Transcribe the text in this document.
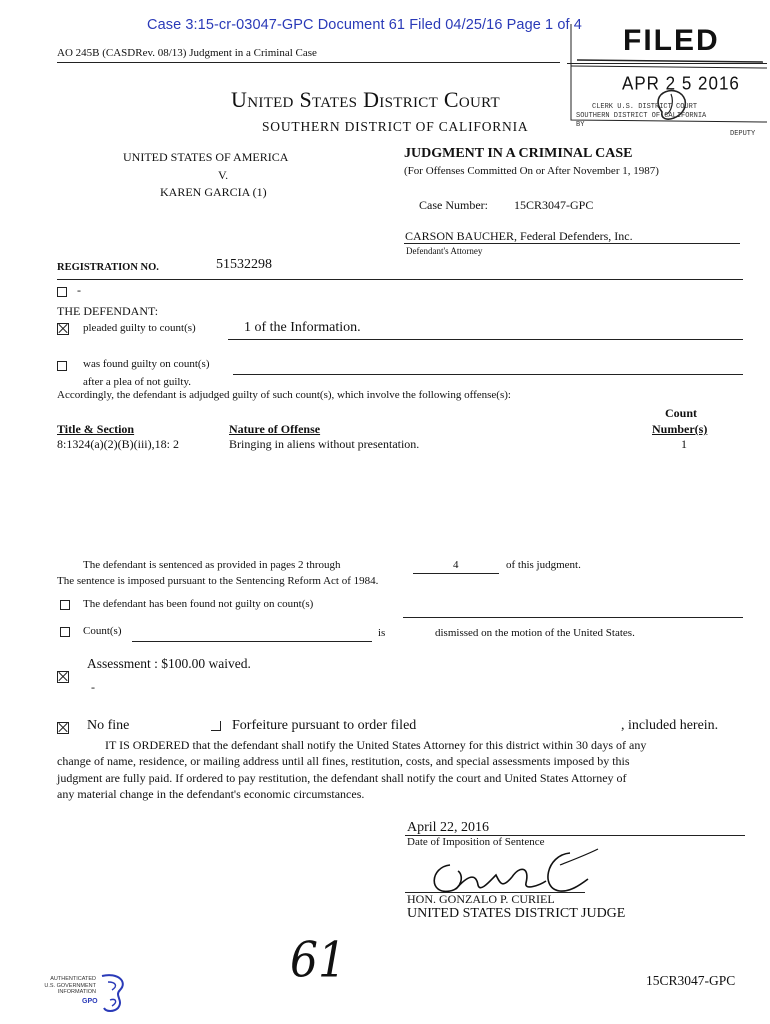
Case 3:15-cr-03047-GPC Document 61 Filed 04/25/16 Page 1 of 4 FILED
APR 2 5 2016
CLERK U.S. DISTRICT COURT
SOUTHERN DISTRICT OF CALIFORNIA
BY
DEPUTY
AO 245B (CASDRev. 08/13) Judgment in a Criminal Case
United States District Court
SOUTHERN DISTRICT OF CALIFORNIA
UNITED STATES OF AMERICA
V.
KAREN GARCIA (1)
JUDGMENT IN A CRIMINAL CASE
(For Offenses Committed On or After November 1, 1987)
Case Number: 15CR3047-GPC
CARSON BAUCHER, Federal Defenders, Inc.
Defendant's Attorney
REGISTRATION NO.	51532298
-
THE DEFENDANT:
pleaded guilty to count(s)	1 of the Information.
was found guilty on count(s)
after a plea of not guilty.
Accordingly, the defendant is adjudged guilty of such count(s), which involve the following offense(s):
Title & Section	Nature of Offense
Count
Number(s)
8:1324(a)(2)(B)(iii),18: 2	Bringing in aliens without presentation.	1
The defendant is sentenced as provided in pages 2 through	4	of this judgment.
The sentence is imposed pursuant to the Sentencing Reform Act of 1984.
The defendant has been found not guilty on count(s)
Count(s)	is	dismissed on the motion of the United States.
Assessment : $100.00 waived.
-
No fine	Forfeiture pursuant to order filed	, included herein.
IT IS ORDERED that the defendant shall notify the United States Attorney for this district within 30 days of any
change of name, residence, or mailing address until all fines, restitution, costs, and special assessments imposed by this
judgment are fully paid. If ordered to pay restitution, the defendant shall notify the court and United States Attorney of
any material change in the defendant's economic circumstances.
April 22, 2016
Date of Imposition of Sentence
HON. GONZALO P. CURIEL
UNITED STATES DISTRICT JUDGE
61
AUTHENTICATED
U.S. GOVERNMENT
INFORMATION
GPO
15CR3047-GPC
